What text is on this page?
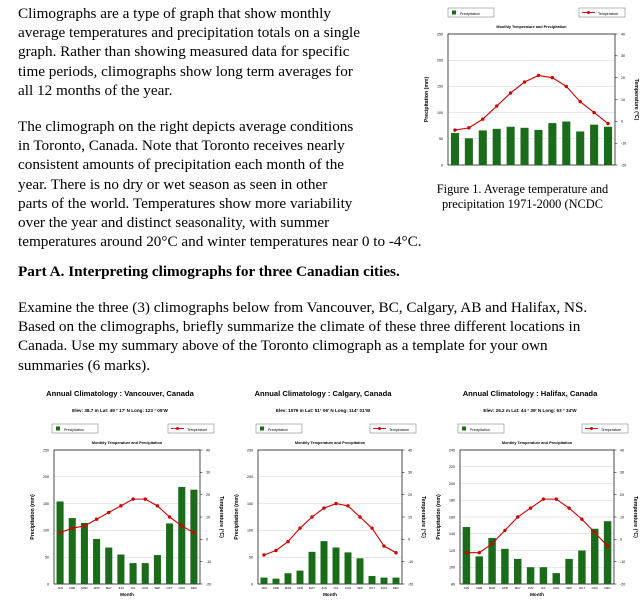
Climographs are a type of graph that show monthly
average temperatures and precipitation totals on a single
graph. Rather than showing measured data for specific
time periods, climographs show long term averages for
all 12 months of the year.
The climograph on the right depicts average conditions
in Toronto, Canada. Note that Toronto receives nearly
consistent amounts of precipitation each month of the
year. There is no dry or wet season as seen in other
parts of the world. Temperatures show more variability
over the year and distinct seasonality, with summer
temperatures around 20°C and winter temperatures near 0 to -4°C.
Precipitation	Temperature
Monthly Temperature and Precipitation
0
50
100
150
200
250
-20
-10
0
10
20
30
40
Precipitation (mm)	Temperature (°C)
Figure 1. Average temperature and
precipitation 1971-2000 (NCDC
Part A. Interpreting climographs for three Canadian cities.
Examine the three (3) climographs below from Vancouver, BC, Calgary, AB and Halifax, NS.
Based on the climographs, briefly summarize the climate of these three different locations in
Canada. Use my summary above of the Toronto climograph as a template for your own
summaries (6 marks).
Annual Climatology : Vancouver, Canada
Elev: 38.7 m Lat: 49 ° 17' N Long: 123 ° 05'W
Precipitation	Temperature
Monthly Temperature and Precipitation
0
50
100
150
200
250
-20
-10
0
10
20
30
40
Precipitation (mm)	Temperature (°C)
JAN FEB MAR APR MAY JUN JUL AUG SEP OCT NOV DEC
Month
Annual Climatology : Calgary, Canada
Elev: 1079 m Lat: 51° 06' N Long: 114° 01'W
Precipitation	Temperature
Monthly Temperature and Precipitation
0
50
100
150
200
250
-20
-10
0
10
20
30
40
Precipitation (mm)	Temperature (°C)
JAN FEB MAR APR MAY JUN JUL AUG SEP OCT NOV DEC
Month
Annual Climatology : Halifax, Canada
Elev: 26.2 m Lat: 44 ° 39' N Long: 63 ° 34'W
Precipitation	Temperature
Monthly Temperature and Precipitation
80
100
120
140
160
180
200
220
240
-20
-10
0
10
20
30
40
Precipitation (mm)	Temperature (°C)
JAN	FEB MAR APR MAY JUN	JUL AUG SEP OCT NOV DEC
Month
